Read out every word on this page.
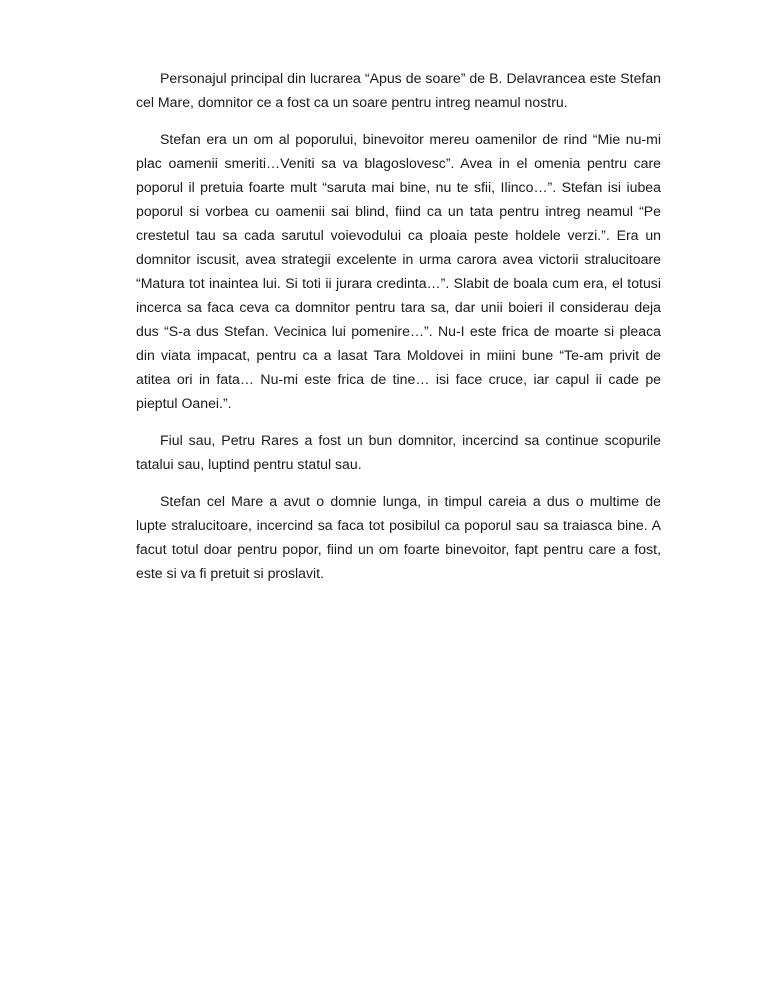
Personajul principal din lucrarea “Apus de soare” de B. Delavrancea este Stefan cel Mare, domnitor ce a fost ca un soare pentru intreg neamul nostru.

Stefan era un om al poporului, binevoitor mereu oamenilor de rind “Mie nu-mi plac oamenii smeriti…Veniti sa va blagoslovesc”. Avea in el omenia pentru care poporul il pretuia foarte mult “saruta mai bine, nu te sfii, Ilinco…”. Stefan isi iubea poporul si vorbea cu oamenii sai blind, fiind ca un tata pentru intreg neamul “Pe crestetul tau sa cada sarutul voievodului ca ploaia peste holdele verzi.”. Era un domnitor iscusit, avea strategii excelente in urma carora avea victorii stralucitoare “Matura tot inaintea lui. Si toti ii jurara credinta…”. Slabit de boala cum era, el totusi incerca sa faca ceva ca domnitor pentru tara sa, dar unii boieri il considerau deja dus “S-a dus Stefan. Vecinica lui pomenire…”. Nu-I este frica de moarte si pleaca din viata impacat, pentru ca a lasat Tara Moldovei in miini bune “Te-am privit de atitea ori in fata… Nu-mi este frica de tine… isi face cruce, iar capul ii cade pe pieptul Oanei.”.

Fiul sau, Petru Rares a fost un bun domnitor, incercind sa continue scopurile tatalui sau, luptind pentru statul sau.

Stefan cel Mare a avut o domnie lunga, in timpul careia a dus o multime de lupte stralucitoare, incercind sa faca tot posibilul ca poporul sau sa traiasca bine. A facut totul doar pentru popor, fiind un om foarte binevoitor, fapt pentru care a fost, este si va fi pretuit si proslavit.
